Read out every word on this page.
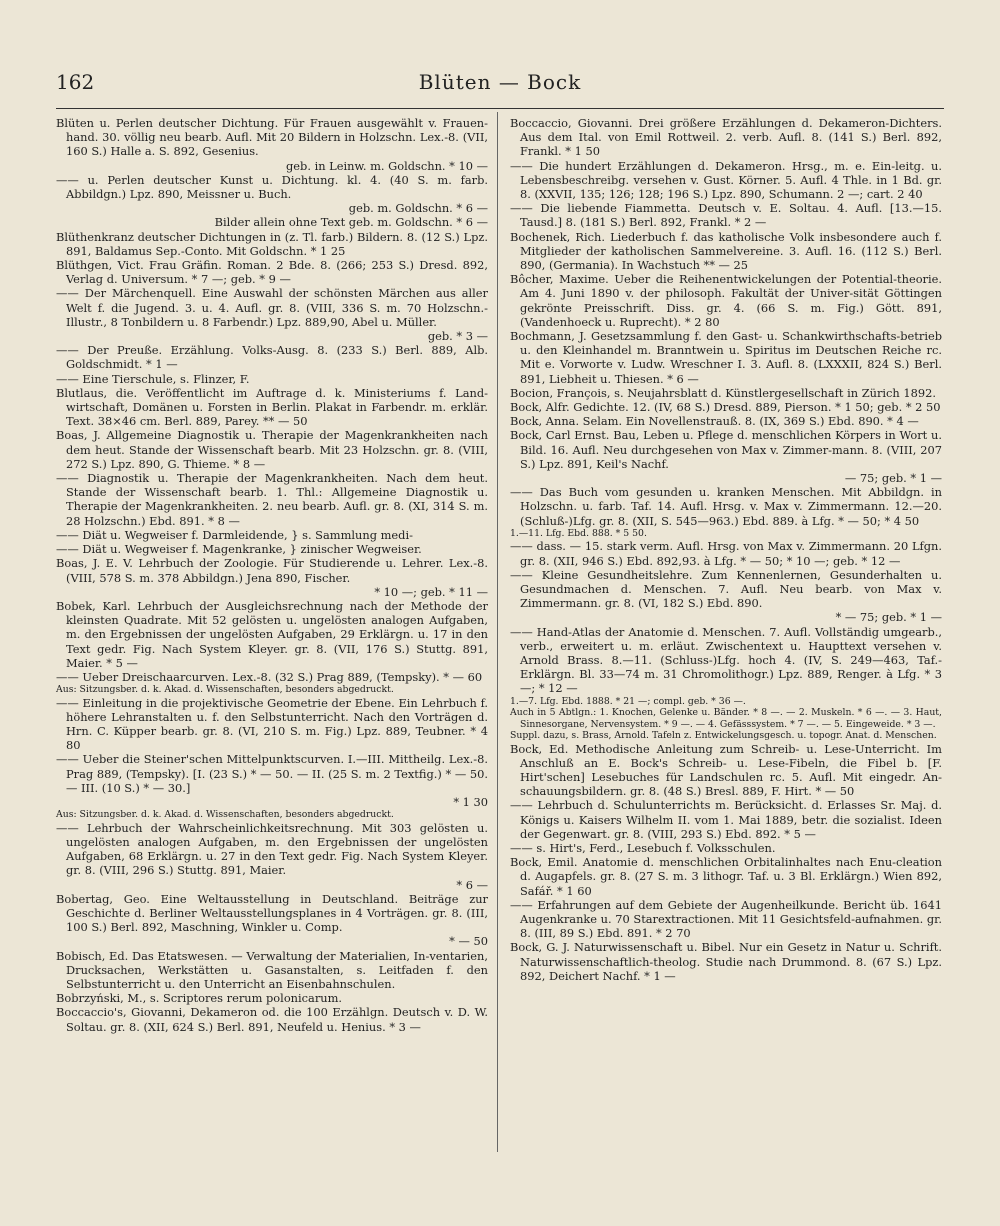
Blüten — Bock
162

Blüten u. Perlen deutscher Dichtung. Für Frauen ausgewählt v. Frauen-hand. 30. völlig neu bearb. Aufl. Mit 20 Bildern in Holzschn. Lex.-8. (VII, 160 S.) Halle a. S. 892, Gesenius.

geb. in Leinw. m. Goldschn. * 10 —

—— u. Perlen deutscher Kunst u. Dichtung. kl. 4. (40 S. m. farb. Abbildgn.) Lpz. 890, Meissner u. Buch.

geb. m. Goldschn. * 6 —

Bilder allein ohne Text geb. m. Goldschn. * 6 —

Blüthenkranz deutscher Dichtungen in (z. Tl. farb.) Bildern. 8. (12 S.) Lpz. 891, Baldamus Sep.-Conto. Mit Goldschn. * 1 25

Blüthgen, Vict. Frau Gräfin. Roman. 2 Bde. 8. (266; 253 S.) Dresd. 892, Verlag d. Universum. * 7 —; geb. * 9 —

—— Der Märchenquell. Eine Auswahl der schönsten Märchen aus aller Welt f. die Jugend. 3. u. 4. Aufl. gr. 8. (VIII, 336 S. m. 70 Holzschn.-Illustr., 8 Tonbildern u. 8 Farbendr.) Lpz. 889,90, Abel u. Müller.

geb. * 3 —

—— Der Preuße. Erzählung. Volks-Ausg. 8. (233 S.) Berl. 889, Alb. Goldschmidt. * 1 —

—— Eine Tierschule, s. Flinzer, F.

Blutlaus, die. Veröffentlicht im Auftrage d. k. Ministeriums f. Land-wirtschaft, Domänen u. Forsten in Berlin. Plakat in Farbendr. m. erklär. Text. 38×46 cm. Berl. 889, Parey. ** — 50

Boas, J. Allgemeine Diagnostik u. Therapie der Magenkrankheiten nach dem heut. Stande der Wissenschaft bearb. Mit 23 Holzschn. gr. 8. (VIII, 272 S.) Lpz. 890, G. Thieme. * 8 —

—— Diagnostik u. Therapie der Magenkrankheiten. Nach dem heut. Stande der Wissenschaft bearb. 1. Thl.: Allgemeine Diagnostik u. Therapie der Magenkrankheiten. 2. neu bearb. Aufl. gr. 8. (XI, 314 S. m. 28 Holzschn.) Ebd. 891. * 8 —

—— Diät u. Wegweiser f. Darmleidende, } s. Sammlung medi-

—— Diät u. Wegweiser f. Magenkranke, } zinischer Wegweiser.

Boas, J. E. V. Lehrbuch der Zoologie. Für Studierende u. Lehrer. Lex.-8. (VIII, 578 S. m. 378 Abbildgn.) Jena 890, Fischer.

* 10 —; geb. * 11 —

Bobek, Karl. Lehrbuch der Ausgleichsrechnung nach der Methode der kleinsten Quadrate. Mit 52 gelösten u. ungelösten analogen Aufgaben, m. den Ergebnissen der ungelösten Aufgaben, 29 Erklärgn. u. 17 in den Text gedr. Fig. Nach System Kleyer. gr. 8. (VII, 176 S.) Stuttg. 891, Maier. * 5 —

—— Ueber Dreischaarcurven. Lex.-8. (32 S.) Prag 889, (Tempsky). * — 60

Aus: Sitzungsber. d. k. Akad. d. Wissenschaften, besonders abgedruckt.

—— Einleitung in die projektivische Geometrie der Ebene. Ein Lehrbuch f. höhere Lehranstalten u. f. den Selbstunterricht. Nach den Vorträgen d. Hrn. C. Küpper bearb. gr. 8. (VI, 210 S. m. Fig.) Lpz. 889, Teubner. * 4 80

—— Ueber die Steiner'schen Mittelpunktscurven. I.—III. Mittheilg. Lex.-8. Prag 889, (Tempsky). [I. (23 S.) * — 50. — II. (25 S. m. 2 Textfig.) * — 50. — III. (10 S.) * — 30.]

* 1 30

Aus: Sitzungsber. d. k. Akad. d. Wissenschaften, besonders abgedruckt.

—— Lehrbuch der Wahrscheinlichkeitsrechnung. Mit 303 gelösten u. ungelösten analogen Aufgaben, m. den Ergebnissen der ungelösten Aufgaben, 68 Erklärgn. u. 27 in den Text gedr. Fig. Nach System Kleyer. gr. 8. (VIII, 296 S.) Stuttg. 891, Maier.

* 6 —

Bobertag, Geo. Eine Weltausstellung in Deutschland. Beiträge zur Geschichte d. Berliner Weltausstellungsplanes in 4 Vorträgen. gr. 8. (III, 100 S.) Berl. 892, Maschning, Winkler u. Comp.

* — 50

Bobisch, Ed. Das Etatswesen. — Verwaltung der Materialien, In-ventarien, Drucksachen, Werkstätten u. Gasanstalten, s. Leitfaden f. den Selbstunterricht u. den Unterricht an Eisenbahnschulen.

Bobrzyński, M., s. Scriptores rerum polonicarum.

Boccaccio's, Giovanni, Dekameron od. die 100 Erzählgn. Deutsch v. D. W. Soltau. gr. 8. (XII, 624 S.) Berl. 891, Neufeld u. Henius. * 3 —

Boccaccio, Giovanni. Drei größere Erzählungen d. Dekameron-Dichters. Aus dem Ital. von Emil Rottweil. 2. verb. Aufl. 8. (141 S.) Berl. 892, Frankl. * 1 50

—— Die hundert Erzählungen d. Dekameron. Hrsg., m. e. Ein-leitg. u. Lebensbeschreibg. versehen v. Gust. Körner. 5. Aufl. 4 Thle. in 1 Bd. gr. 8. (XXVII, 135; 126; 128; 196 S.) Lpz. 890, Schumann. 2 —; cart. 2 40

—— Die liebende Fiammetta. Deutsch v. E. Soltau. 4. Aufl. [13.—15. Tausd.] 8. (181 S.) Berl. 892, Frankl. * 2 —

Bochenek, Rich. Liederbuch f. das katholische Volk insbesondere auch f. Mitglieder der katholischen Sammelvereine. 3. Aufl. 16. (112 S.) Berl. 890, (Germania). In Wachstuch ** — 25

Bôcher, Maxime. Ueber die Reihenentwickelungen der Potential-theorie. Am 4. Juni 1890 v. der philosoph. Fakultät der Univer-sität Göttingen gekrönte Preisschrift. Diss. gr. 4. (66 S. m. Fig.) Gött. 891, (Vandenhoeck u. Ruprecht). * 2 80

Bochmann, J. Gesetzsammlung f. den Gast- u. Schankwirthschafts-betrieb u. den Kleinhandel m. Branntwein u. Spiritus im Deutschen Reiche rc. Mit e. Vorworte v. Ludw. Wreschner I. 3. Aufl. 8. (LXXXII, 824 S.) Berl. 891, Liebheit u. Thiesen. * 6 —

Bocion, François, s. Neujahrsblatt d. Künstlergesellschaft in Zürich 1892.

Bock, Alfr. Gedichte. 12. (IV, 68 S.) Dresd. 889, Pierson. * 1 50; geb. * 2 50

Bock, Anna. Selam. Ein Novellenstrauß. 8. (IX, 369 S.) Ebd. 890. * 4 —

Bock, Carl Ernst. Bau, Leben u. Pflege d. menschlichen Körpers in Wort u. Bild. 16. Aufl. Neu durchgesehen von Max v. Zimmer-mann. 8. (VIII, 207 S.) Lpz. 891, Keil's Nachf.

— 75; geb. * 1 —

—— Das Buch vom gesunden u. kranken Menschen. Mit Abbildgn. in Holzschn. u. farb. Taf. 14. Aufl. Hrsg. v. Max v. Zimmermann. 12.—20. (Schluß-)Lfg. gr. 8. (XII, S. 545—963.) Ebd. 889. à Lfg. * — 50; * 4 50

1.—11. Lfg. Ebd. 888. * 5 50.

—— dass. — 15. stark verm. Aufl. Hrsg. von Max v. Zimmermann. 20 Lfgn. gr. 8. (XII, 946 S.) Ebd. 892,93. à Lfg. * — 50; * 10 —; geb. * 12 —

—— Kleine Gesundheitslehre. Zum Kennenlernen, Gesunderhalten u. Gesundmachen d. Menschen. 7. Aufl. Neu bearb. von Max v. Zimmermann. gr. 8. (VI, 182 S.) Ebd. 890.

* — 75; geb. * 1 —

—— Hand-Atlas der Anatomie d. Menschen. 7. Aufl. Vollständig umgearb., verb., erweitert u. m. erläut. Zwischentext u. Haupttext versehen v. Arnold Brass. 8.—11. (Schluss-)Lfg. hoch 4. (IV, S. 249—463, Taf.-Erklärgn. Bl. 33—74 m. 31 Chromolithogr.) Lpz. 889, Renger. à Lfg. * 3 —; * 12 —

1.—7. Lfg. Ebd. 1888. * 21 —; compl. geb. * 36 —.

Auch in 5 Abtlgn.: 1. Knochen, Gelenke u. Bänder. * 8 —. — 2. Muskeln. * 6 —. — 3. Haut, Sinnesorgane, Nervensystem. * 9 —. — 4. Gefässsystem. * 7 —. — 5. Eingeweide. * 3 —.

Suppl. dazu, s. Brass, Arnold. Tafeln z. Entwickelungsgesch. u. topogr. Anat. d. Menschen.

Bock, Ed. Methodische Anleitung zum Schreib- u. Lese-Unterricht. Im Anschluß an E. Bock's Schreib- u. Lese-Fibeln, die Fibel b. [F. Hirt'schen] Lesebuches für Landschulen rc. 5. Aufl. Mit eingedr. An-schauungsbildern. gr. 8. (48 S.) Bresl. 889, F. Hirt. * — 50

—— Lehrbuch d. Schulunterrichts m. Berücksicht. d. Erlasses Sr. Maj. d. Königs u. Kaisers Wilhelm II. vom 1. Mai 1889, betr. die sozialist. Ideen der Gegenwart. gr. 8. (VIII, 293 S.) Ebd. 892. * 5 —

—— s. Hirt's, Ferd., Lesebuch f. Volksschulen.

Bock, Emil. Anatomie d. menschlichen Orbitalinhaltes nach Enu-cleation d. Augapfels. gr. 8. (27 S. m. 3 lithogr. Taf. u. 3 Bl. Erklärgn.) Wien 892, Safář. * 1 60

—— Erfahrungen auf dem Gebiete der Augenheilkunde. Bericht üb. 1641 Augenkranke u. 70 Starextractionen. Mit 11 Gesichtsfeld-aufnahmen. gr. 8. (III, 89 S.) Ebd. 891. * 2 70

Bock, G. J. Naturwissenschaft u. Bibel. Nur ein Gesetz in Natur u. Schrift. Naturwissenschaftlich-theolog. Studie nach Drummond. 8. (67 S.) Lpz. 892, Deichert Nachf. * 1 —
